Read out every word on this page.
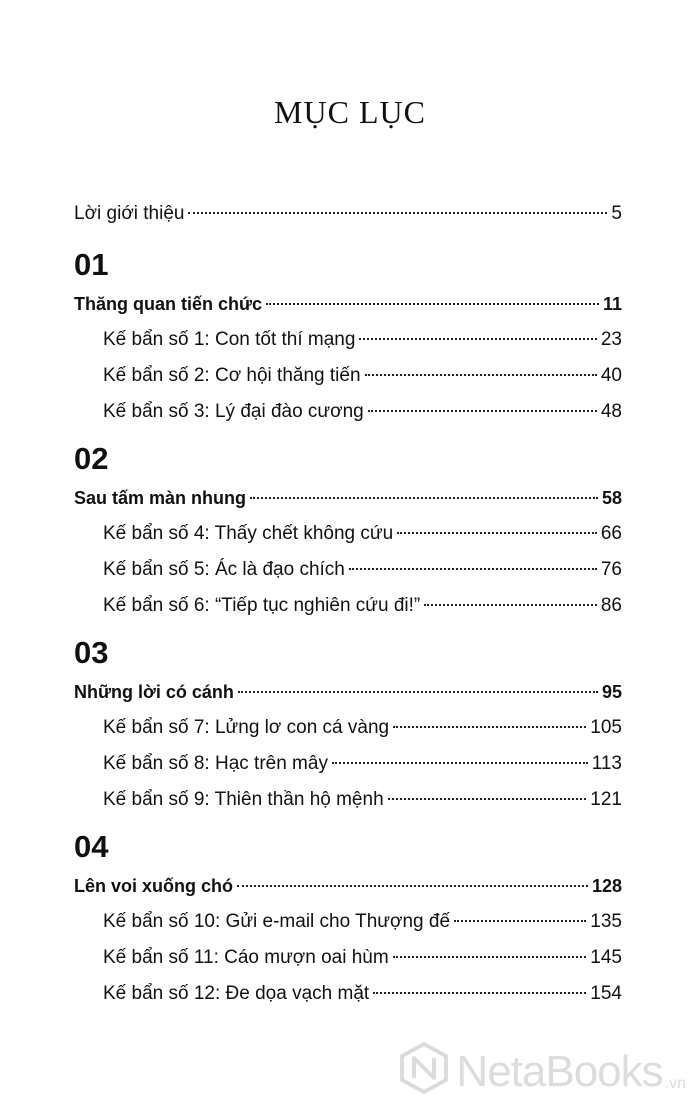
MỤC LỤC
Lời giới thiệu	5
01
Thăng quan tiến chức	11
Kế bẩn số 1: Con tốt thí mạng	23
Kế bẩn số 2: Cơ hội thăng tiến	40
Kế bẩn số 3: Lý đại đào cương	48
02
Sau tấm màn nhung	58
Kế bẩn số 4: Thấy chết không cứu	66
Kế bẩn số 5: Ác là đạo chích	76
Kế bẩn số 6: “Tiếp tục nghiên cứu đi!”	86
03
Những lời có cánh	95
Kế bẩn số 7: Lửng lơ con cá vàng	105
Kế bẩn số 8: Hạc trên mây	113
Kế bẩn số 9: Thiên thần hộ mệnh	121
04
Lên voi xuống chó	128
Kế bẩn số 10: Gửi e-mail cho Thượng đế	135
Kế bẩn số 11: Cáo mượn oai hùm	145
Kế bẩn số 12: Đe dọa vạch mặt	154
NetaBooks .vn
